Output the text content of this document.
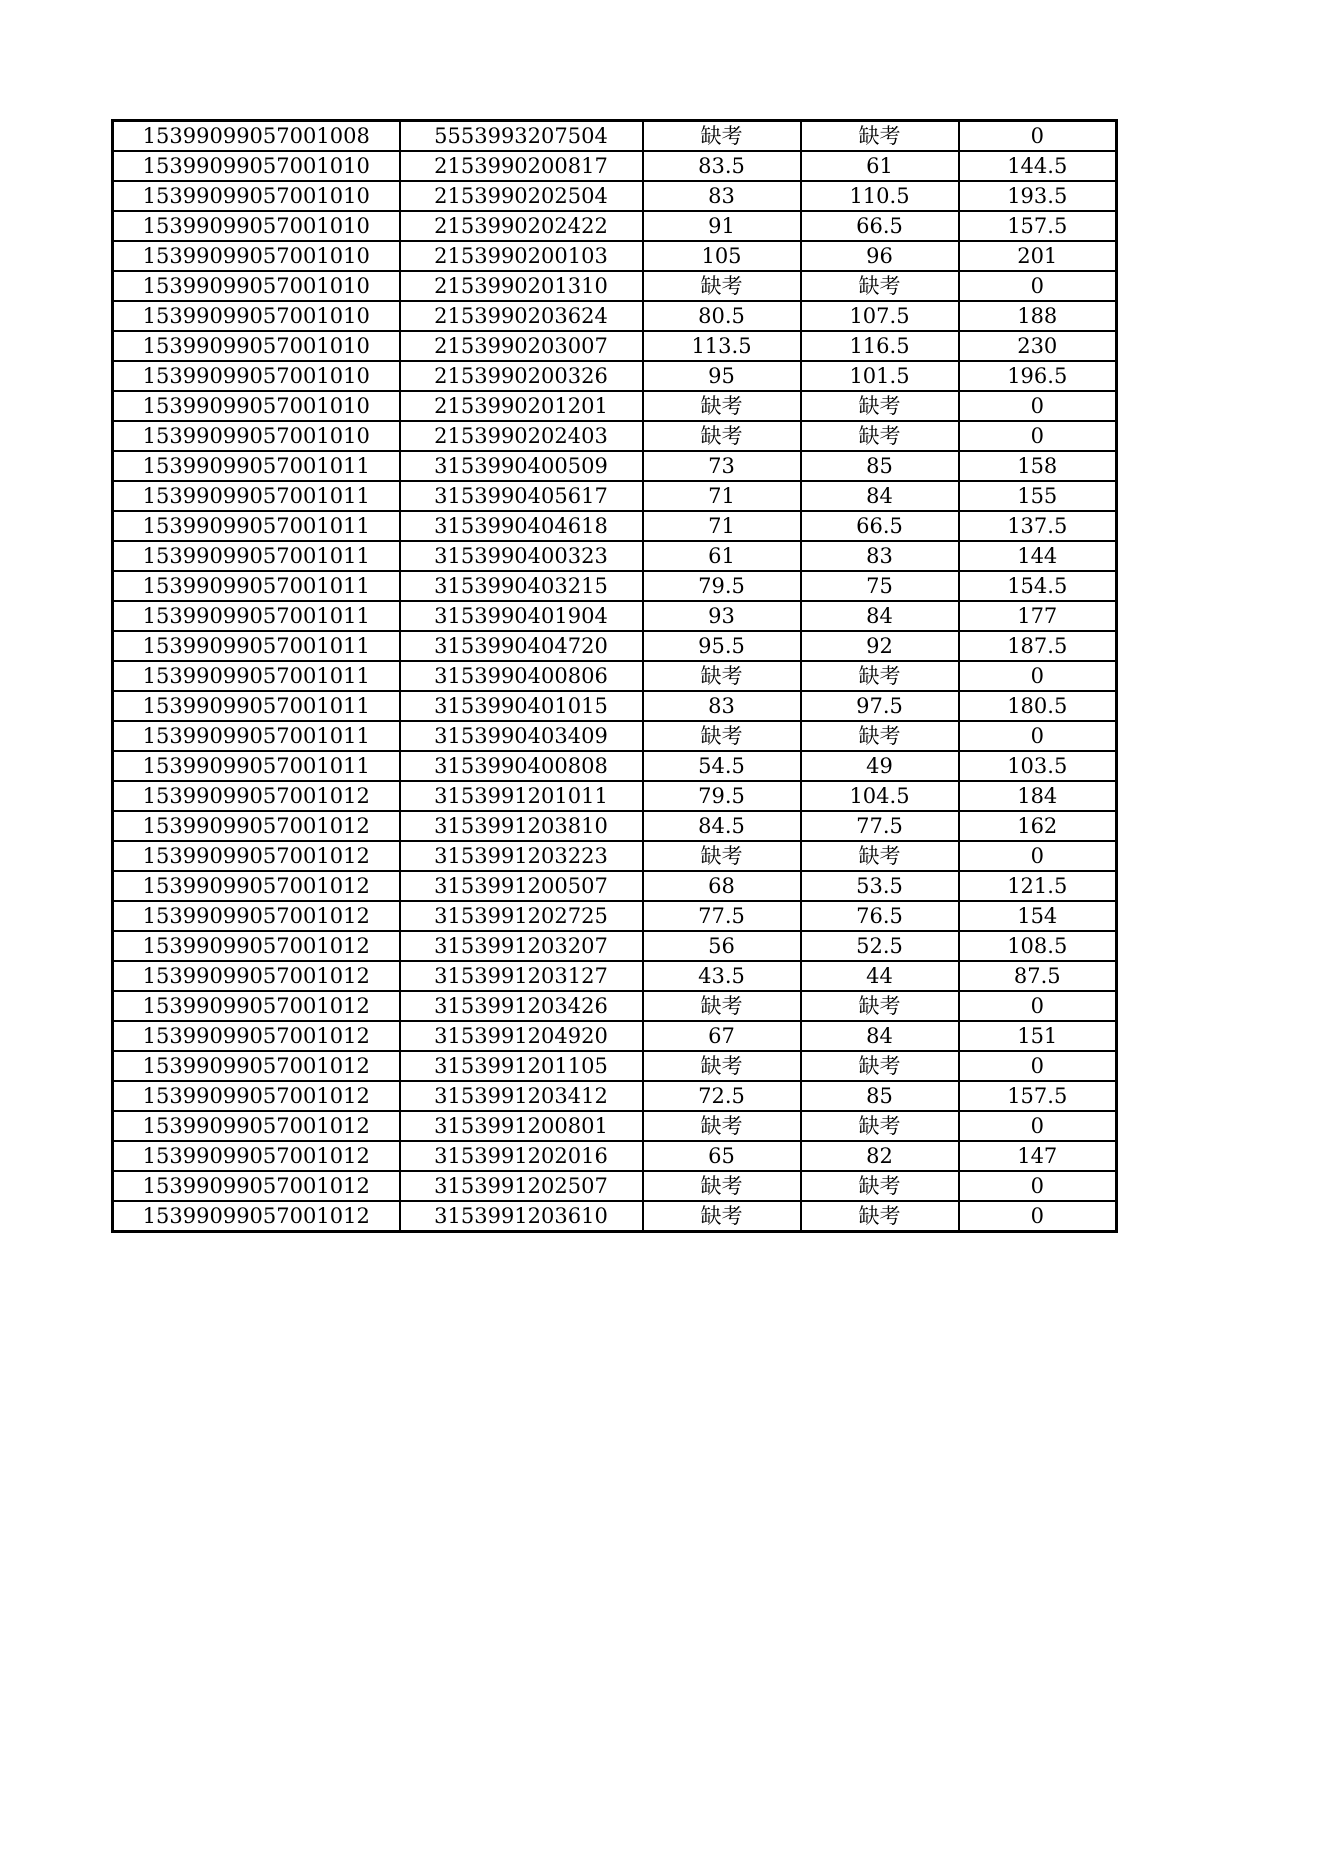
15399099057001008	5553993207504	缺考	缺考	0
15399099057001010	2153990200817	83.5	61	144.5
15399099057001010	2153990202504	83	110.5	193.5
15399099057001010	2153990202422	91	66.5	157.5
15399099057001010	2153990200103	105	96	201
15399099057001010	2153990201310	缺考	缺考	0
15399099057001010	2153990203624	80.5	107.5	188
15399099057001010	2153990203007	113.5	116.5	230
15399099057001010	2153990200326	95	101.5	196.5
15399099057001010	2153990201201	缺考	缺考	0
15399099057001010	2153990202403	缺考	缺考	0
15399099057001011	3153990400509	73	85	158
15399099057001011	3153990405617	71	84	155
15399099057001011	3153990404618	71	66.5	137.5
15399099057001011	3153990400323	61	83	144
15399099057001011	3153990403215	79.5	75	154.5
15399099057001011	3153990401904	93	84	177
15399099057001011	3153990404720	95.5	92	187.5
15399099057001011	3153990400806	缺考	缺考	0
15399099057001011	3153990401015	83	97.5	180.5
15399099057001011	3153990403409	缺考	缺考	0
15399099057001011	3153990400808	54.5	49	103.5
15399099057001012	3153991201011	79.5	104.5	184
15399099057001012	3153991203810	84.5	77.5	162
15399099057001012	3153991203223	缺考	缺考	0
15399099057001012	3153991200507	68	53.5	121.5
15399099057001012	3153991202725	77.5	76.5	154
15399099057001012	3153991203207	56	52.5	108.5
15399099057001012	3153991203127	43.5	44	87.5
15399099057001012	3153991203426	缺考	缺考	0
15399099057001012	3153991204920	67	84	151
15399099057001012	3153991201105	缺考	缺考	0
15399099057001012	3153991203412	72.5	85	157.5
15399099057001012	3153991200801	缺考	缺考	0
15399099057001012	3153991202016	65	82	147
15399099057001012	3153991202507	缺考	缺考	0
15399099057001012	3153991203610	缺考	缺考	0
